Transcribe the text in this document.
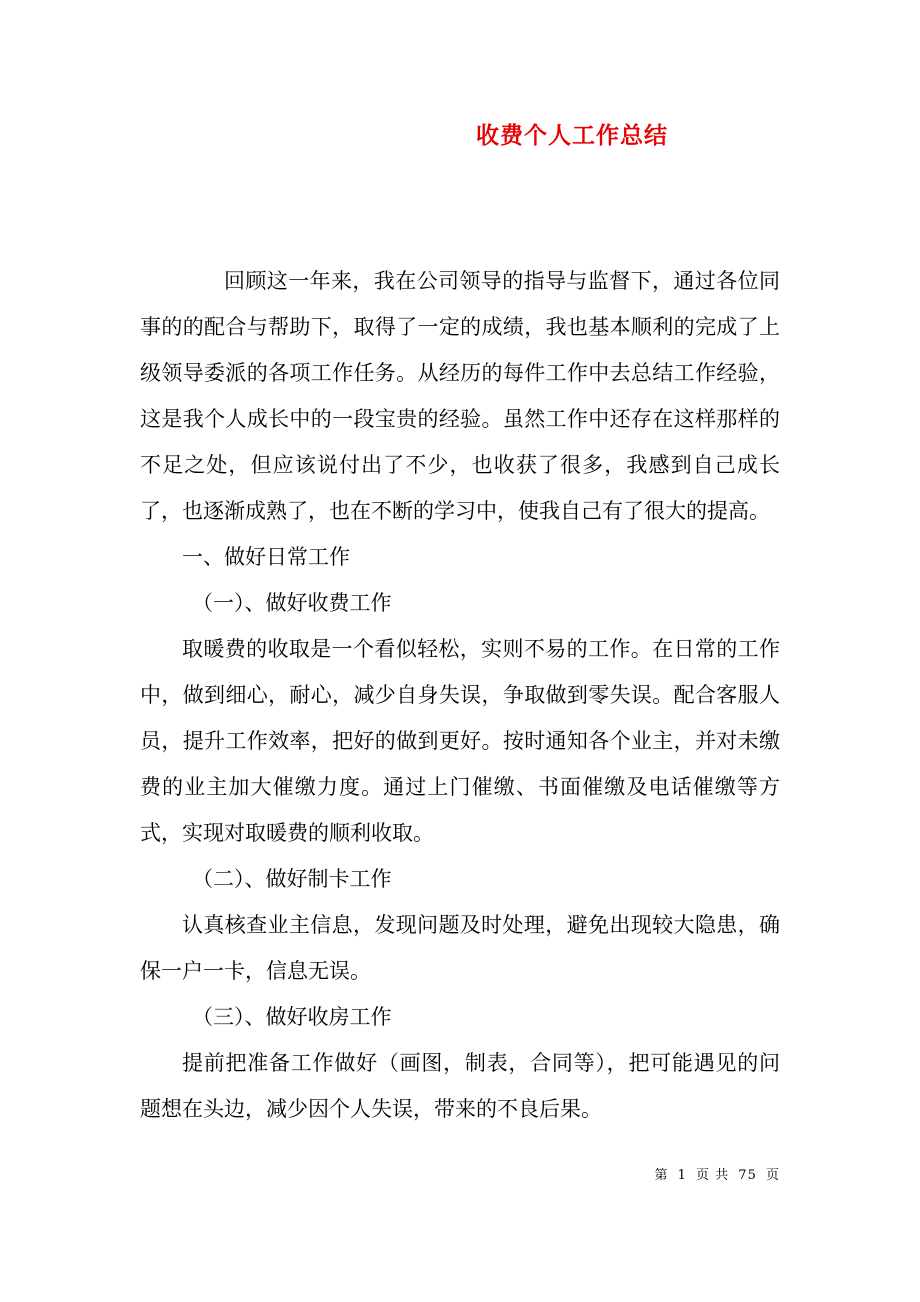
收费个人工作总结

回顾这一年来，我在公司领导的指导与监督下，通过各位同事的的配合与帮助下，取得了一定的成绩，我也基本顺利的完成了上级领导委派的各项工作任务。从经历的每件工作中去总结工作经验，这是我个人成长中的一段宝贵的经验。虽然工作中还存在这样那样的不足之处，但应该说付出了不少，也收获了很多，我感到自己成长了，也逐渐成熟了，也在不断的学习中，使我自己有了很大的提高。

一、做好日常工作

（一）、做好收费工作

取暖费的收取是一个看似轻松，实则不易的工作。在日常的工作中，做到细心，耐心，减少自身失误，争取做到零失误。配合客服人员，提升工作效率，把好的做到更好。按时通知各个业主，并对未缴费的业主加大催缴力度。通过上门催缴、书面催缴及电话催缴等方式，实现对取暖费的顺利收取。

（二）、做好制卡工作

认真核查业主信息，发现问题及时处理，避免出现较大隐患，确保一户一卡，信息无误。

（三）、做好收房工作

提前把准备工作做好（画图，制表，合同等），把可能遇见的问题想在头边，减少因个人失误，带来的不良后果。

第 1 页 共 75 页
